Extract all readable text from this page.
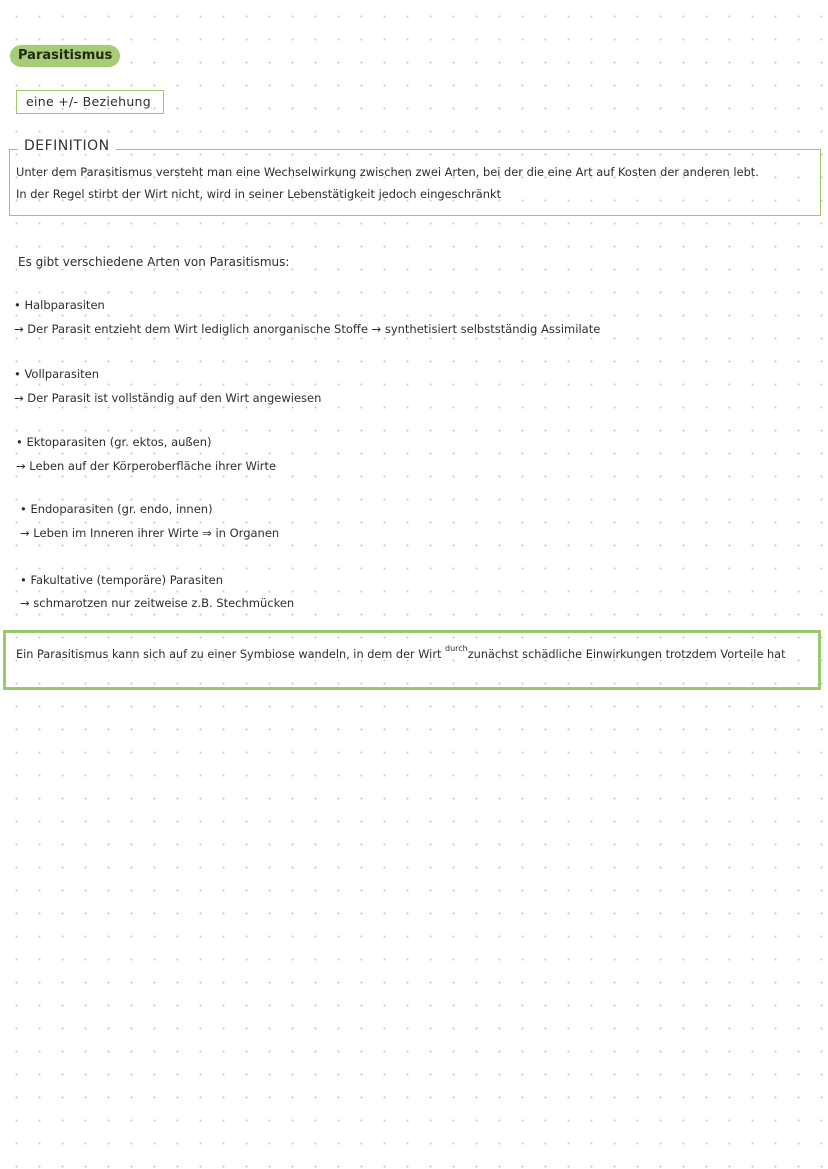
Parasitismus
eine +/- Beziehung
DEFINITION
Unter dem Parasitismus versteht man eine Wechselwirkung zwischen zwei Arten, bei der die eine Art auf Kosten der anderen lebt.
In der Regel stirbt der Wirt nicht, wird in seiner Lebenstätigkeit jedoch eingeschränkt
Es gibt verschiedene Arten von Parasitismus:
• Halbparasiten
→ Der Parasit entzieht dem Wirt lediglich anorganische Stoffe → synthetisiert selbstständig Assimilate
• Vollparasiten
→ Der Parasit ist vollständig auf den Wirt angewiesen
• Ektoparasiten (gr. ektos, außen)
→ Leben auf der Körperoberfläche ihrer Wirte
• Endoparasiten (gr. endo, innen)
→ Leben im Inneren ihrer Wirte ⇒ in Organen
• Fakultative (temporäre) Parasiten
→ schmarotzen nur zeitweise z.B. Stechmücken
Ein Parasitismus kann sich auf zu einer Symbiose wandeln, in dem der Wirt $^{durch}$zunächst schädliche Einwirkungen trotzdem Vorteile hat
